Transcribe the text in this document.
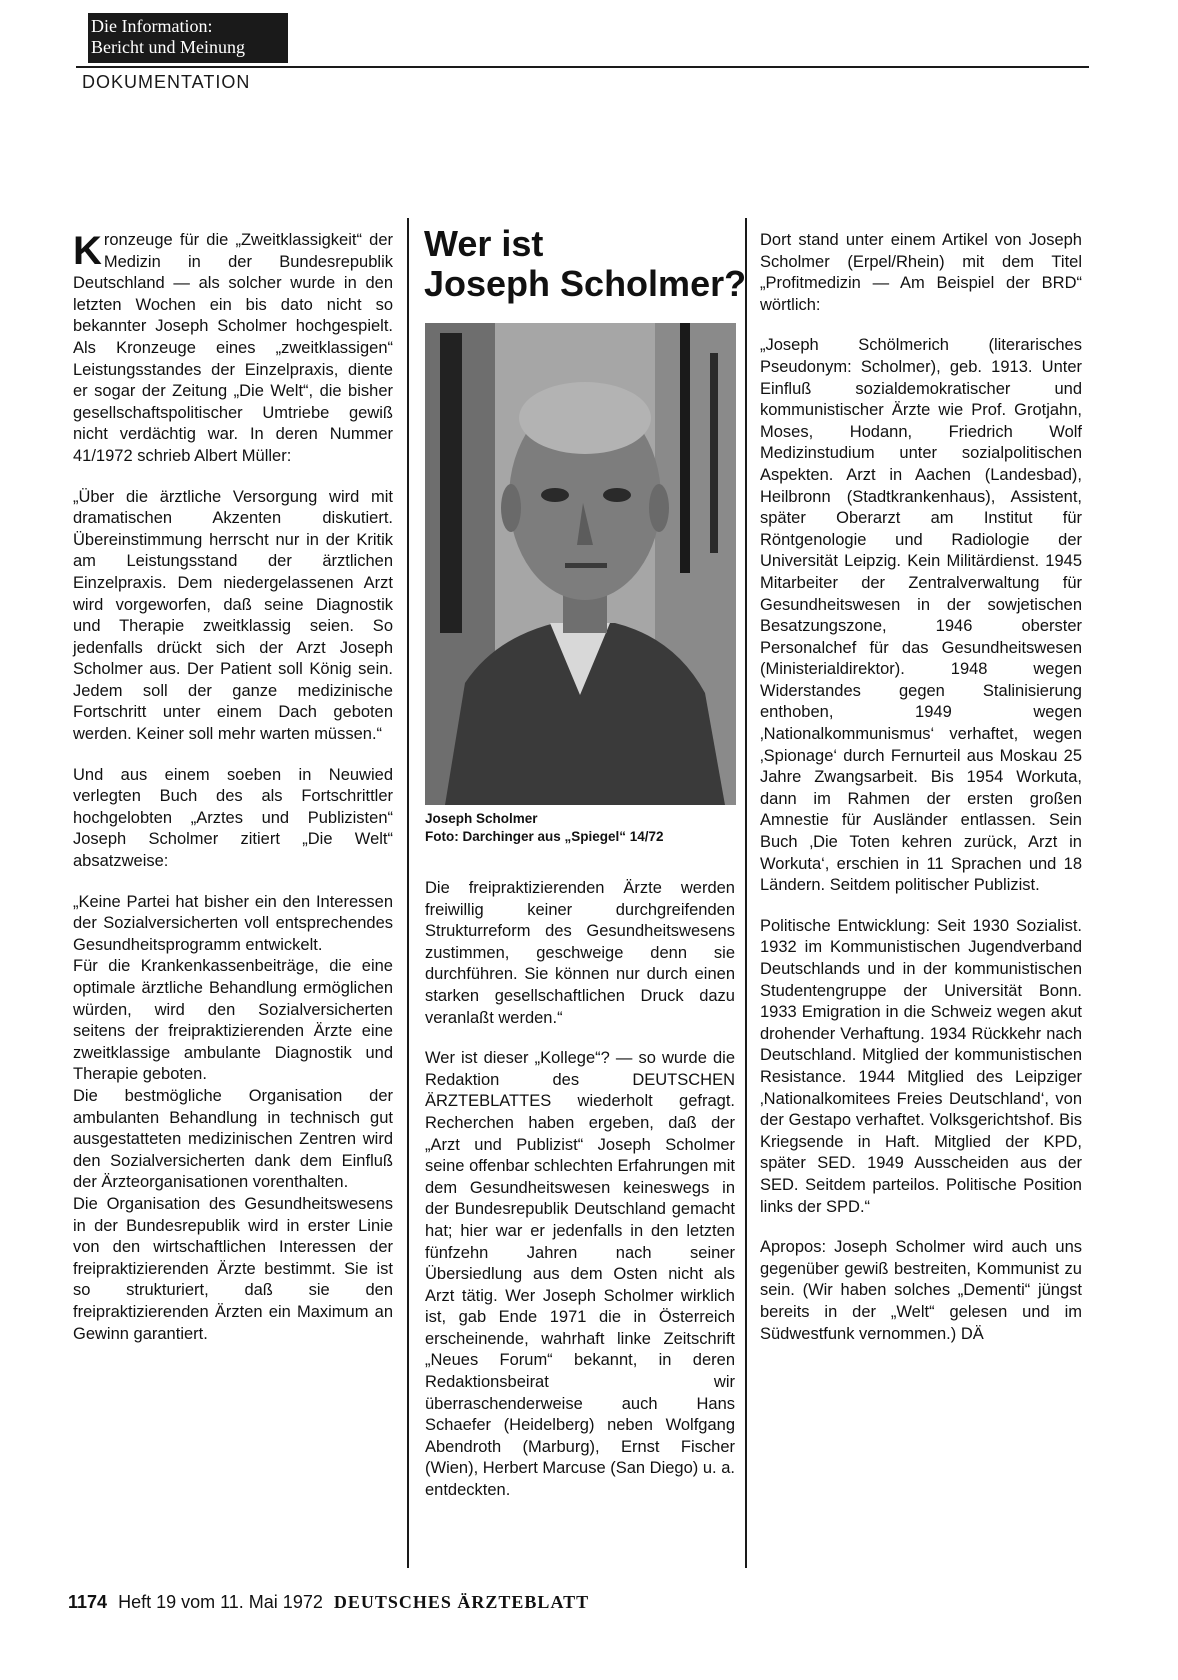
Die Information:
Bericht und Meinung
DOKUMENTATION

Kronzeuge für die „Zweitklassigkeit“ der Medizin in der Bundesrepublik Deutschland — als solcher wurde in den letzten Wochen ein bis dato nicht so bekannter Joseph Scholmer hochgespielt. Als Kronzeuge eines „zweitklassigen“ Leistungsstandes der Einzelpraxis, diente er sogar der Zeitung „Die Welt“, die bisher gesellschaftspolitischer Umtriebe gewiß nicht verdächtig war. In deren Nummer 41/1972 schrieb Albert Müller:

„Über die ärztliche Versorgung wird mit dramatischen Akzenten diskutiert. Übereinstimmung herrscht nur in der Kritik am Leistungsstand der ärztlichen Einzelpraxis. Dem niedergelassenen Arzt wird vorgeworfen, daß seine Diagnostik und Therapie zweitklassig seien. So jedenfalls drückt sich der Arzt Joseph Scholmer aus. Der Patient soll König sein. Jedem soll der ganze medizinische Fortschritt unter einem Dach geboten werden. Keiner soll mehr warten müssen.“

Und aus einem soeben in Neuwied verlegten Buch des als Fortschrittler hochgelobten „Arztes und Publizisten“ Joseph Scholmer zitiert „Die Welt“ absatzweise:

„Keine Partei hat bisher ein den Interessen der Sozialversicherten voll entsprechendes Gesundheitsprogramm entwickelt.

Für die Krankenkassenbeiträge, die eine optimale ärztliche Behandlung ermöglichen würden, wird den Sozialversicherten seitens der freipraktizierenden Ärzte eine zweitklassige ambulante Diagnostik und Therapie geboten.

Die bestmögliche Organisation der ambulanten Behandlung in technisch gut ausgestatteten medizinischen Zentren wird den Sozialversicherten dank dem Einfluß der Ärzteorganisationen vorenthalten.

Die Organisation des Gesundheitswesens in der Bundesrepublik wird in erster Linie von den wirtschaftlichen Interessen der freipraktizierenden Ärzte bestimmt. Sie ist so strukturiert, daß sie den freipraktizierenden Ärzten ein Maximum an Gewinn garantiert.

Wer ist
Joseph Scholmer?
Joseph Scholmer
Foto: Darchinger aus „Spiegel“ 14/72

Die freipraktizierenden Ärzte werden freiwillig keiner durchgreifenden Strukturreform des Gesundheitswesens zustimmen, geschweige denn sie durchführen. Sie können nur durch einen starken gesellschaftlichen Druck dazu veranlaßt werden.“

Wer ist dieser „Kollege“? — so wurde die Redaktion des DEUTSCHEN ÄRZTEBLATTES wiederholt gefragt. Recherchen haben ergeben, daß der „Arzt und Publizist“ Joseph Scholmer seine offenbar schlechten Erfahrungen mit dem Gesundheitswesen keineswegs in der Bundesrepublik Deutschland gemacht hat; hier war er jedenfalls in den letzten fünfzehn Jahren nach seiner Übersiedlung aus dem Osten nicht als Arzt tätig. Wer Joseph Scholmer wirklich ist, gab Ende 1971 die in Österreich erscheinende, wahrhaft linke Zeitschrift „Neues Forum“ bekannt, in deren Redaktionsbeirat wir überraschenderweise auch Hans Schaefer (Heidelberg) neben Wolfgang Abendroth (Marburg), Ernst Fischer (Wien), Herbert Marcuse (San Diego) u. a. entdeckten.

Dort stand unter einem Artikel von Joseph Scholmer (Erpel/Rhein) mit dem Titel „Profitmedizin — Am Beispiel der BRD“ wörtlich:

„Joseph Schölmerich (literarisches Pseudonym: Scholmer), geb. 1913. Unter Einfluß sozialdemokratischer und kommunistischer Ärzte wie Prof. Grotjahn, Moses, Hodann, Friedrich Wolf Medizinstudium unter sozialpolitischen Aspekten. Arzt in Aachen (Landesbad), Heilbronn (Stadtkrankenhaus), Assistent, später Oberarzt am Institut für Röntgenologie und Radiologie der Universität Leipzig. Kein Militärdienst. 1945 Mitarbeiter der Zentralverwaltung für Gesundheitswesen in der sowjetischen Besatzungszone, 1946 oberster Personalchef für das Gesundheitswesen (Ministerialdirektor). 1948 wegen Widerstandes gegen Stalinisierung enthoben, 1949 wegen ‚Nationalkommunismus‘ verhaftet, wegen ‚Spionage‘ durch Fernurteil aus Moskau 25 Jahre Zwangsarbeit. Bis 1954 Workuta, dann im Rahmen der ersten großen Amnestie für Ausländer entlassen. Sein Buch ‚Die Toten kehren zurück, Arzt in Workuta‘, erschien in 11 Sprachen und 18 Ländern. Seitdem politischer Publizist.

Politische Entwicklung: Seit 1930 Sozialist. 1932 im Kommunistischen Jugendverband Deutschlands und in der kommunistischen Studentengruppe der Universität Bonn. 1933 Emigration in die Schweiz wegen akut drohender Verhaftung. 1934 Rückkehr nach Deutschland. Mitglied der kommunistischen Resistance. 1944 Mitglied des Leipziger ‚Nationalkomitees Freies Deutschland‘, von der Gestapo verhaftet. Volksgerichtshof. Bis Kriegsende in Haft. Mitglied der KPD, später SED. 1949 Ausscheiden aus der SED. Seitdem parteilos. Politische Position links der SPD.“

Apropos: Joseph Scholmer wird auch uns gegenüber gewiß bestreiten, Kommunist zu sein. (Wir haben solches „Dementi“ jüngst bereits in der „Welt“ gelesen und im Südwestfunk vernommen.) DÄ

1174 Heft 19 vom 11. Mai 1972 DEUTSCHES ÄRZTEBLATT
